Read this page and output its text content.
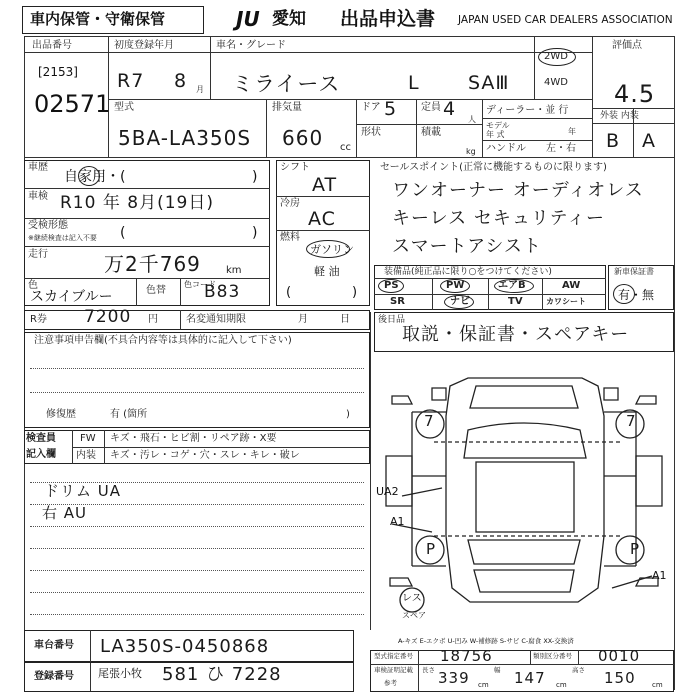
車内保管・守衛保管	JU 愛知 出品申込書 JAPAN USED CAR DEALERS ASSOCIATION
出品番号
[2153]
02571
初度登録年月
R7 8 月
車名・グレード
ミライース	L	SAⅢ
2WD
4WD
評価点
4.5
外装 内装
B A
型式
5BA-LA350S
排気量
660 cc
ドア 5 定員 4 人
形状	積載
kg
ディーラー・並 行
モデル
年 式	年
ハンドル 左・右
車歴
自家用・(	)
車検 R10 年 8月(19日)
受検形態
※継続検査は記入不要 (	)
走行	万2千769	km
色
スカイブルー	色替
色コード
B83
シフト
AT
冷房
AC
燃料
ガソリン
軽 油
(	)
セールスポイント(正常に機能するものに限ります)
ワンオーナー オーディオレス
キーレス セキュリティー
スマートアシスト
装備品(純正品に限り○をつけてください)
PS	PW	エアB	AW
SR	ナビ	TV	カワシート
新車保証書
有・無
R券 7200 円	名変通知期限	月	日	後日品
取説・保証書・スペアキー
注意事項申告欄(不具合内容等は具体的に記入して下さい)
修復歴	有 (箇所	)
検査員
記入欄
FW キズ・飛石・ヒビ割・リペア跡・X要
内装 キズ・汚レ・コゲ・穴・スレ・キレ・破レ
ドリム UA
右 AU
7	7
P	P
UA2
A1
A1
レス
スペア
A-キズ E-エクボ U-凹み W-補修跡 S-サビ C-腐食 XX-交換済
車台番号 LA350S-0450868
登録番号 尾張小牧 581 ひ 7228
型式指定番号 18756	類別区分番号 0010
車検証明記載
参考
長さ 339 cm
幅 147 cm
高さ 150 cm
